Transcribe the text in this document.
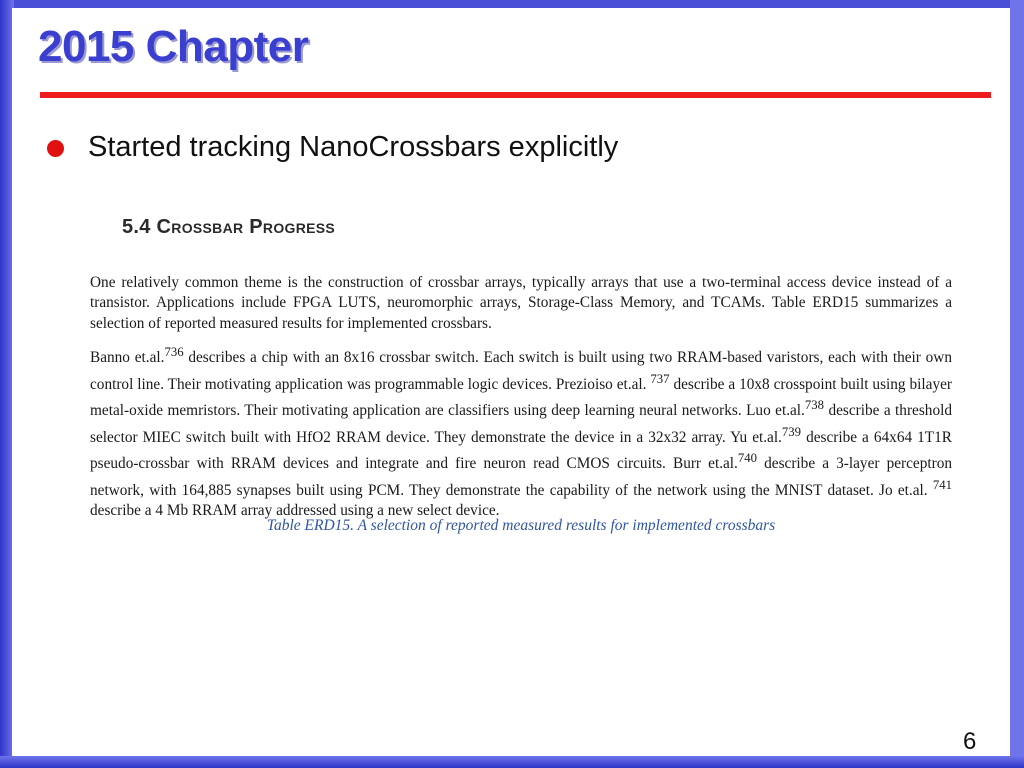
2015 Chapter

Started tracking NanoCrossbars explicitly

5.4 Crossbar Progress

One relatively common theme is the construction of crossbar arrays, typically arrays that use a two-terminal access device instead of a transistor. Applications include FPGA LUTS, neuromorphic arrays, Storage-Class Memory, and TCAMs. Table ERD15 summarizes a selection of reported measured results for implemented crossbars.

Banno et.al.$^{736}$ describes a chip with an 8x16 crossbar switch. Each switch is built using two RRAM-based varistors, each with their own control line. Their motivating application was programmable logic devices. Prezioiso et.al. $^{737}$ describe a 10x8 crosspoint built using bilayer metal-oxide memristors. Their motivating application are classifiers using deep learning neural networks. Luo et.al.$^{738}$ describe a threshold selector MIEC switch built with HfO2 RRAM device. They demonstrate the device in a 32x32 array. Yu et.al.$^{739}$ describe a 64x64 1T1R pseudo-crossbar with RRAM devices and integrate and fire neuron read CMOS circuits. Burr et.al.$^{740}$ describe a 3-layer perceptron network, with 164,885 synapses built using PCM. They demonstrate the capability of the network using the MNIST dataset. Jo et.al. $^{741}$ describe a 4 Mb RRAM array addressed using a new select device.

Table ERD15. A selection of reported measured results for implemented crossbars

6
